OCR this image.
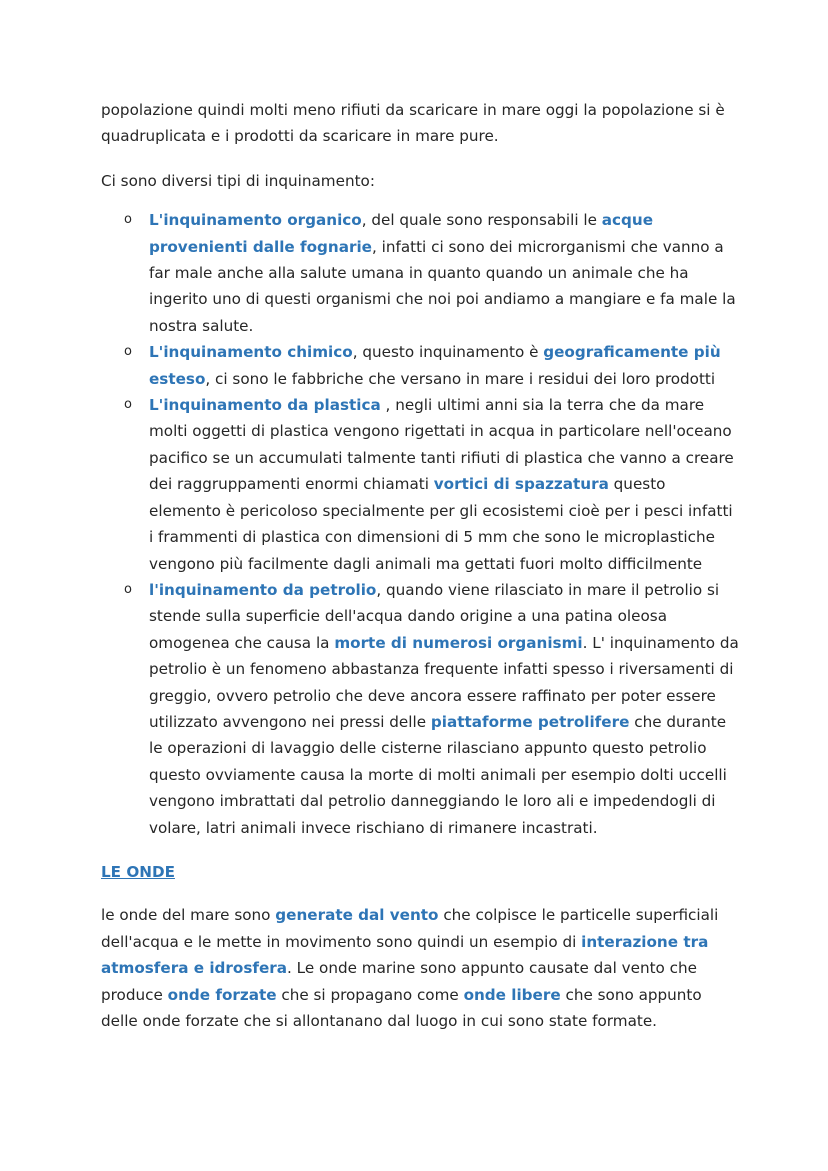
popolazione quindi molti meno rifiuti da scaricare in mare oggi la popolazione si è quadruplicata e i prodotti da scaricare in mare pure.

Ci sono diversi tipi di inquinamento:

o L'inquinamento organico, del quale sono responsabili le acque provenienti dalle fognarie, infatti ci sono dei microrganismi che vanno a far male anche alla salute umana in quanto quando un animale che ha ingerito uno di questi organismi che noi poi andiamo a mangiare e fa male la nostra salute.
o L'inquinamento chimico, questo inquinamento è geograficamente più esteso, ci sono le fabbriche che versano in mare i residui dei loro prodotti
o L'inquinamento da plastica , negli ultimi anni sia la terra che da mare molti oggetti di plastica vengono rigettati in acqua in particolare nell'oceano pacifico se un accumulati talmente tanti rifiuti di plastica che vanno a creare dei raggruppamenti enormi chiamati vortici di spazzatura questo elemento è pericoloso specialmente per gli ecosistemi cioè per i pesci infatti i frammenti di plastica con dimensioni di 5 mm che sono le microplastiche vengono più facilmente dagli animali ma gettati fuori molto difficilmente
o l'inquinamento da petrolio, quando viene rilasciato in mare il petrolio si stende sulla superficie dell'acqua dando origine a una patina oleosa omogenea che causa la morte di numerosi organismi. L' inquinamento da petrolio è un fenomeno abbastanza frequente infatti spesso i riversamenti di greggio, ovvero petrolio che deve ancora essere raffinato per poter essere utilizzato avvengono nei pressi delle piattaforme petrolifere che durante le operazioni di lavaggio delle cisterne rilasciano appunto questo petrolio questo ovviamente causa la morte di molti animali per esempio dolti uccelli vengono imbrattati dal petrolio danneggiando le loro ali e impedendogli di volare, latri animali invece rischiano di rimanere incastrati.

LE ONDE

le onde del mare sono generate dal vento che colpisce le particelle superficiali dell'acqua e le mette in movimento sono quindi un esempio di interazione tra atmosfera e idrosfera. Le onde marine sono appunto causate dal vento che produce onde forzate che si propagano come onde libere che sono appunto delle onde forzate che si allontanano dal luogo in cui sono state formate.
